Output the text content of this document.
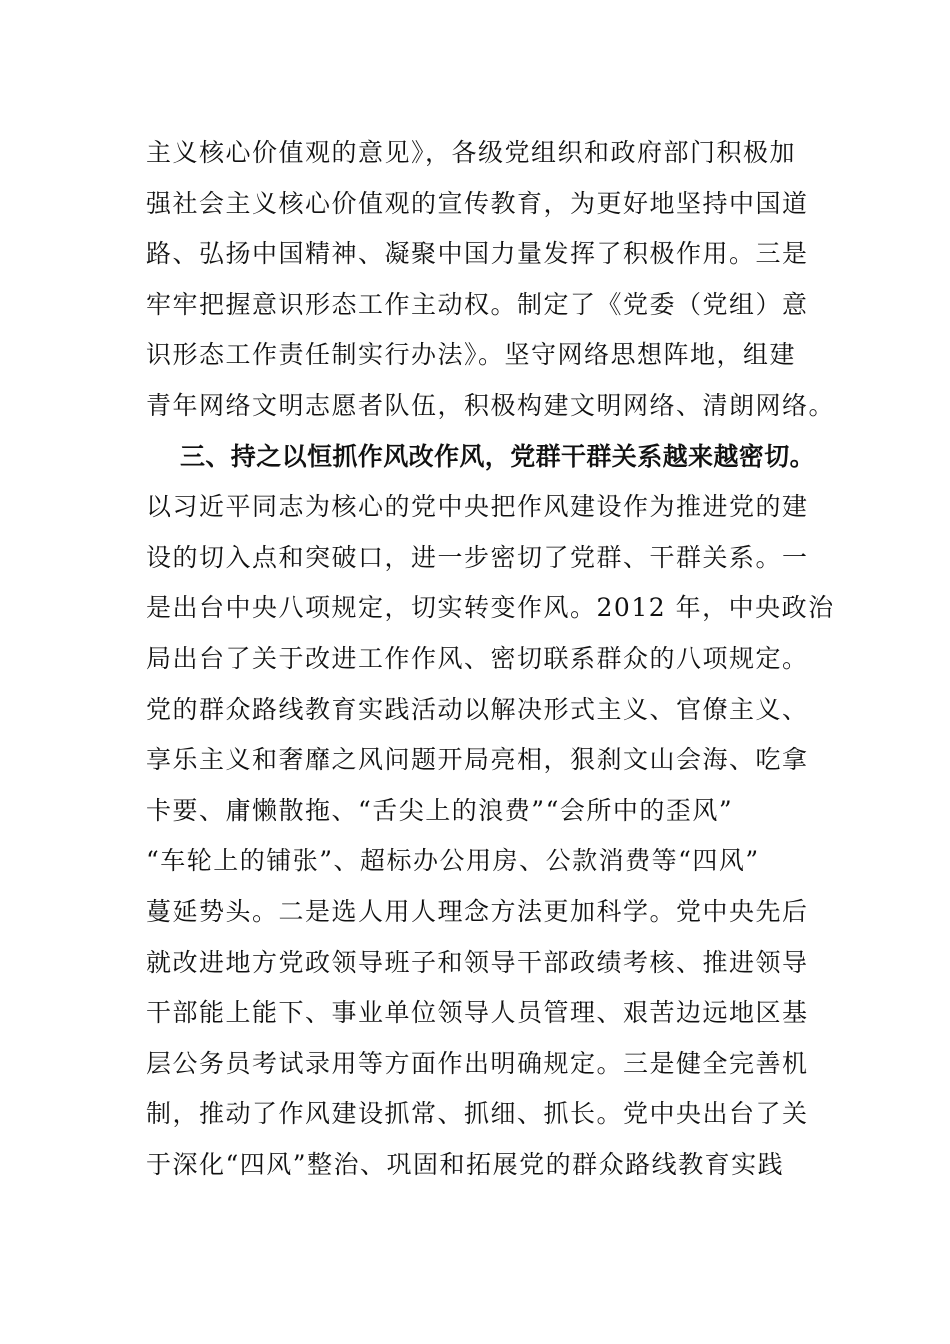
主义核心价值观的意见》，各级党组织和政府部门积极加
强社会主义核心价值观的宣传教育，为更好地坚持中国道
路、弘扬中国精神、凝聚中国力量发挥了积极作用。三是
牢牢把握意识形态工作主动权。制定了《党委（党组）意
识形态工作责任制实行办法》。坚守网络思想阵地，组建
青年网络文明志愿者队伍，积极构建文明网络、清朗网络。
三、持之以恒抓作风改作风，党群干群关系越来越密切。
以习近平同志为核心的党中央把作风建设作为推进党的建
设的切入点和突破口，进一步密切了党群、干群关系。一
是出台中央八项规定，切实转变作风。2012 年，中央政治
局出台了关于改进工作作风、密切联系群众的八项规定。
党的群众路线教育实践活动以解决形式主义、官僚主义、
享乐主义和奢靡之风问题开局亮相，狠刹文山会海、吃拿
卡要、庸懒散拖、“舌尖上的浪费”“会所中的歪风”
“车轮上的铺张”、超标办公用房、公款消费等“四风”
蔓延势头。二是选人用人理念方法更加科学。党中央先后
就改进地方党政领导班子和领导干部政绩考核、推进领导
干部能上能下、事业单位领导人员管理、艰苦边远地区基
层公务员考试录用等方面作出明确规定。三是健全完善机
制，推动了作风建设抓常、抓细、抓长。党中央出台了关
于深化“四风”整治、巩固和拓展党的群众路线教育实践
